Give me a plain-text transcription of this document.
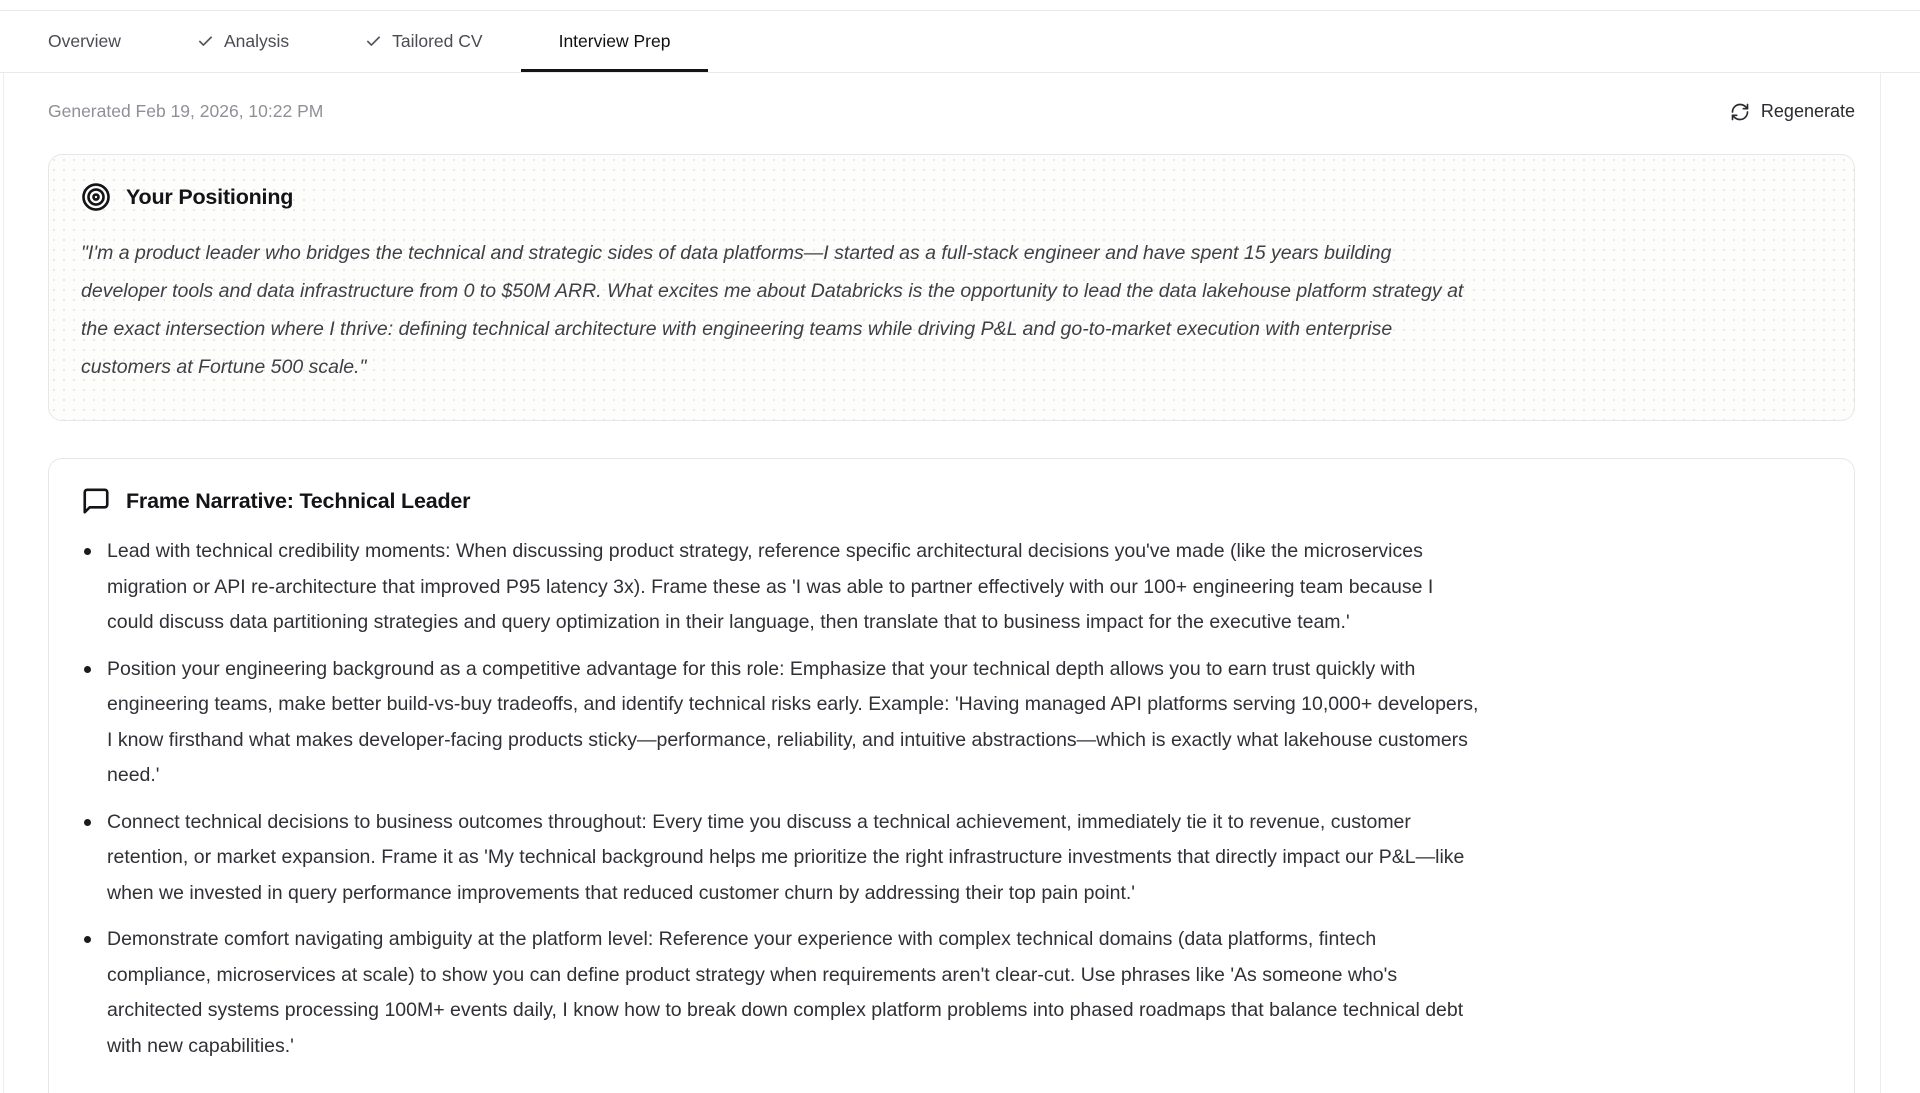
Overview	Analysis	Tailored CV	Interview Prep
Generated Feb 19, 2026, 10:22 PM	Regenerate
Your Positioning

"I'm a product leader who bridges the technical and strategic sides of data platforms—I started as a full-stack engineer and have spent 15 years building developer tools and data infrastructure from 0 to $50M ARR. What excites me about Databricks is the opportunity to lead the data lakehouse platform strategy at the exact intersection where I thrive: defining technical architecture with engineering teams while driving P&L and go-to-market execution with enterprise customers at Fortune 500 scale."

Frame Narrative: Technical Leader
Lead with technical credibility moments: When discussing product strategy, reference specific architectural decisions you've made (like the microservices migration or API re-architecture that improved P95 latency 3x). Frame these as 'I was able to partner effectively with our 100+ engineering team because I could discuss data partitioning strategies and query optimization in their language, then translate that to business impact for the executive team.'
Position your engineering background as a competitive advantage for this role: Emphasize that your technical depth allows you to earn trust quickly with engineering teams, make better build-vs-buy tradeoffs, and identify technical risks early. Example: 'Having managed API platforms serving 10,000+ developers, I know firsthand what makes developer-facing products sticky—performance, reliability, and intuitive abstractions—which is exactly what lakehouse customers need.'
Connect technical decisions to business outcomes throughout: Every time you discuss a technical achievement, immediately tie it to revenue, customer retention, or market expansion. Frame it as 'My technical background helps me prioritize the right infrastructure investments that directly impact our P&L—like when we invested in query performance improvements that reduced customer churn by addressing their top pain point.'
Demonstrate comfort navigating ambiguity at the platform level: Reference your experience with complex technical domains (data platforms, fintech compliance, microservices at scale) to show you can define product strategy when requirements aren't clear-cut. Use phrases like 'As someone who's architected systems processing 100M+ events daily, I know how to break down complex platform problems into phased roadmaps that balance technical debt with new capabilities.'
